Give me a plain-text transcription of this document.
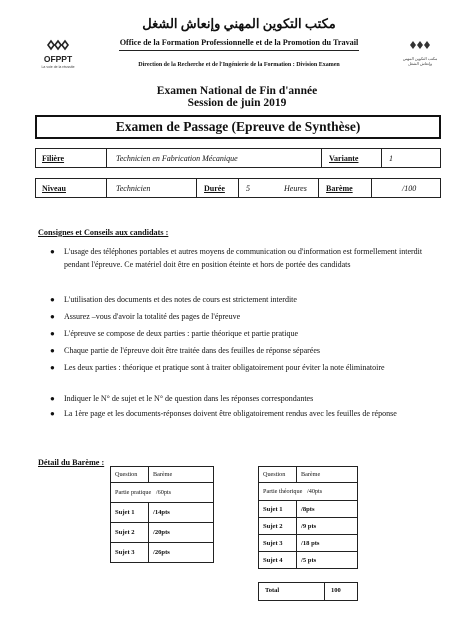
OFPPT
La voie de la réussite
مكتب التكوين المهني وإنعاش الشغل
Office de la Formation Professionnelle et de la Promotion du Travail
Direction de la Recherche et de l'Ingénierie de la Formation : Division Examen
مكتب التكوين المهني وإنعاش الشغل
Examen National de Fin d'année
Session de juin 2019
Examen de Passage (Epreuve de Synthèse)
Filière	Technicien en Fabrication Mécanique	Variante	1
Niveau	Technicien	Durée	5	Heures Barème	/100
Consignes et Conseils aux candidats :
●	L'usage des téléphones portables et autres moyens de communication ou d'information est formellement interdit pendant l'épreuve. Ce matériel doit être en position éteinte et hors de portée des candidats
●	L'utilisation des documents et des notes de cours est strictement interdite
●	Assurez –vous d'avoir la totalité des pages de l'épreuve
●	L'épreuve se compose de deux parties : partie théorique et partie pratique
●	Chaque partie de l'épreuve doit être traitée dans des feuilles de réponse séparées
●	Les deux parties : théorique et pratique sont à traiter obligatoirement pour éviter la note éliminatoire
●	Indiquer le N° de sujet et le N° de question dans les réponses correspondantes
●	La 1ère page et les documents-réponses doivent être obligatoirement rendus avec les feuilles de réponse
Détail du Barème :
Question	Barème
Partie pratique /60pts	
Sujet 1	/14pts
Sujet 2	/20pts
Sujet 3	/26pts
Question	Barème
Partie théorique /40pts	
Sujet 1	/8pts
Sujet 2	/9 pts
Sujet 3	/18 pts
Sujet 4	/5 pts
Total	100
